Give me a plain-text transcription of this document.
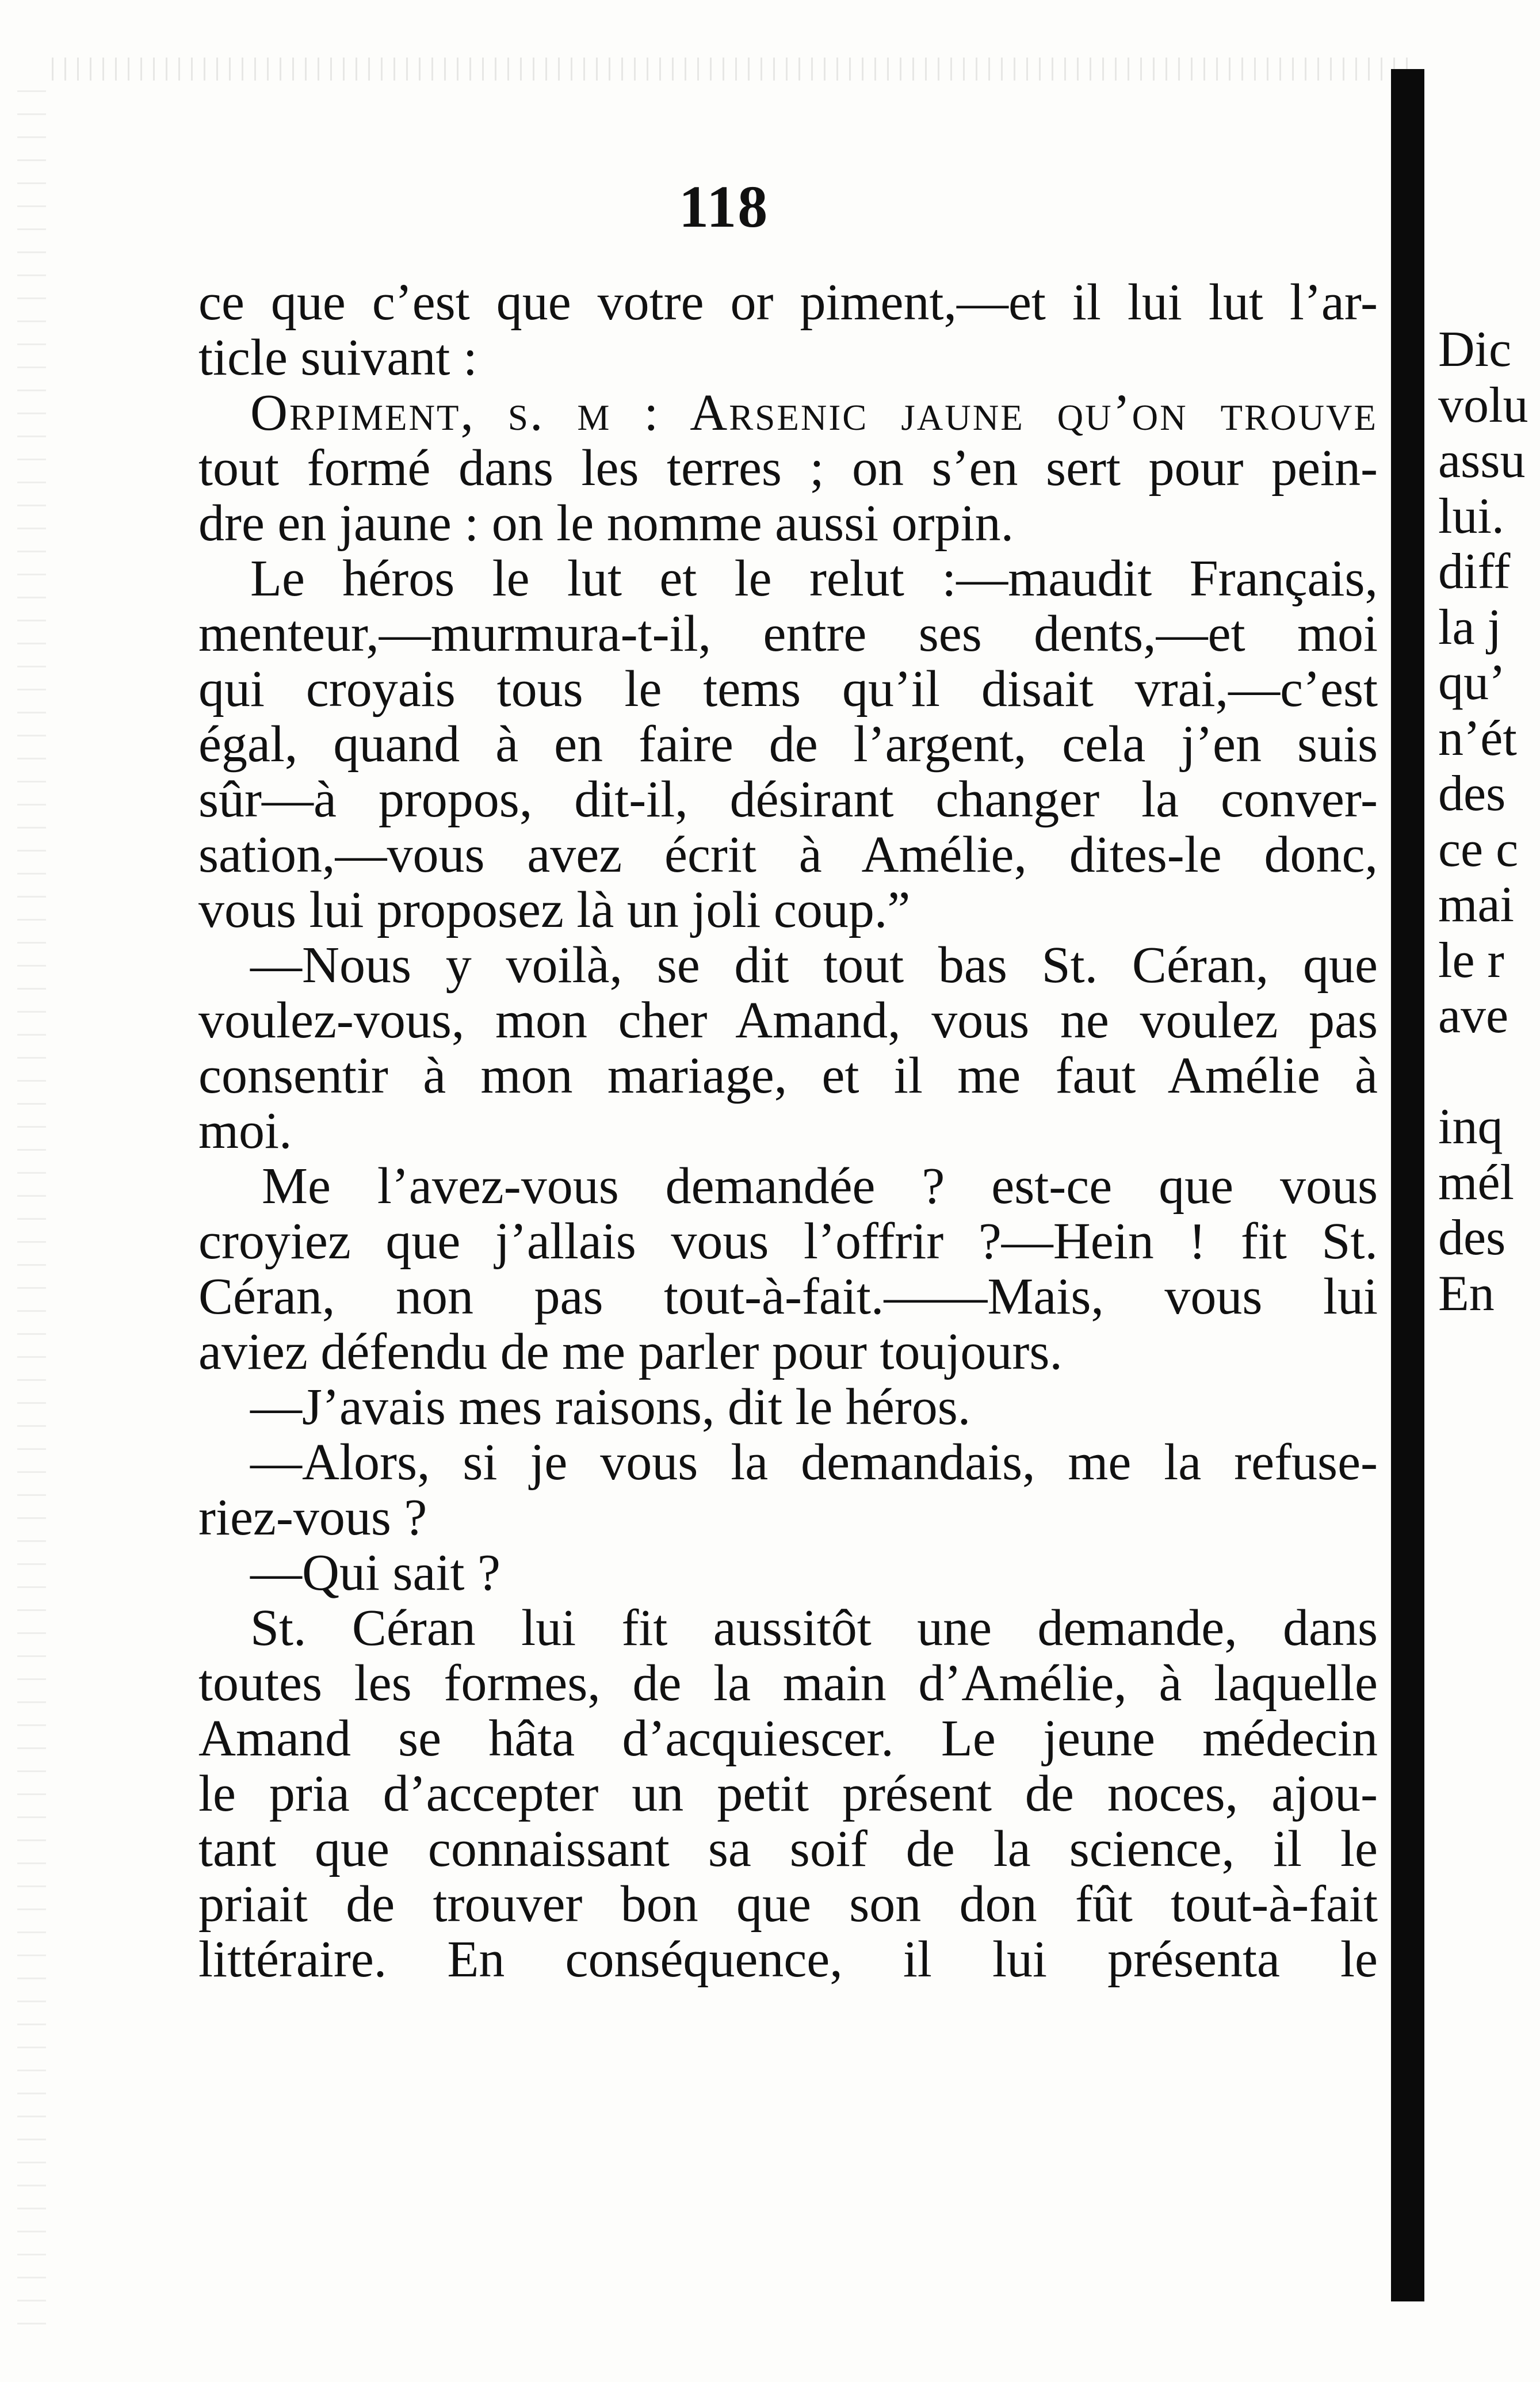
118
ce que c’est que votre or piment,—et il lui lut l’ar-
ticle suivant :
Orpiment, s. m : Arsenic jaune qu’on trouve
tout formé dans les terres ; on s’en sert pour pein-
dre en jaune : on le nomme aussi orpin.
Le héros le lut et le relut :—maudit Français,
menteur,—murmura-t-il, entre ses dents,—et moi
qui croyais tous le tems qu’il disait vrai,—c’est
égal, quand à en faire de l’argent, cela j’en suis
sûr—à propos, dit-il, désirant changer la conver-
sation,—vous avez écrit à Amélie, dites-le donc,
vous lui proposez là un joli coup.”
—Nous y voilà, se dit tout bas St. Céran, que
voulez-vous, mon cher Amand, vous ne voulez pas
consentir à mon mariage, et il me faut Amélie à
moi.
Me l’avez-vous demandée ? est-ce que vous
croyiez que j’allais vous l’offrir ?—Hein ! fit St.
Céran, non pas tout-à-fait.——Mais, vous lui
aviez défendu de me parler pour toujours.
—J’avais mes raisons, dit le héros.
—Alors, si je vous la demandais, me la refuse-
riez-vous ?
—Qui sait ?
St. Céran lui fit aussitôt une demande, dans
toutes les formes, de la main d’Amélie, à laquelle
Amand se hâta d’acquiescer. Le jeune médecin
le pria d’accepter un petit présent de noces, ajou-
tant que connaissant sa soif de la science, il le
priait de trouver bon que son don fût tout-à-fait
littéraire. En conséquence, il lui présenta le
Dic
volu
assu
lui.
diff
la j
qu’
n’ét
des
ce c
mai
le r
ave

inq
mél
des
En
